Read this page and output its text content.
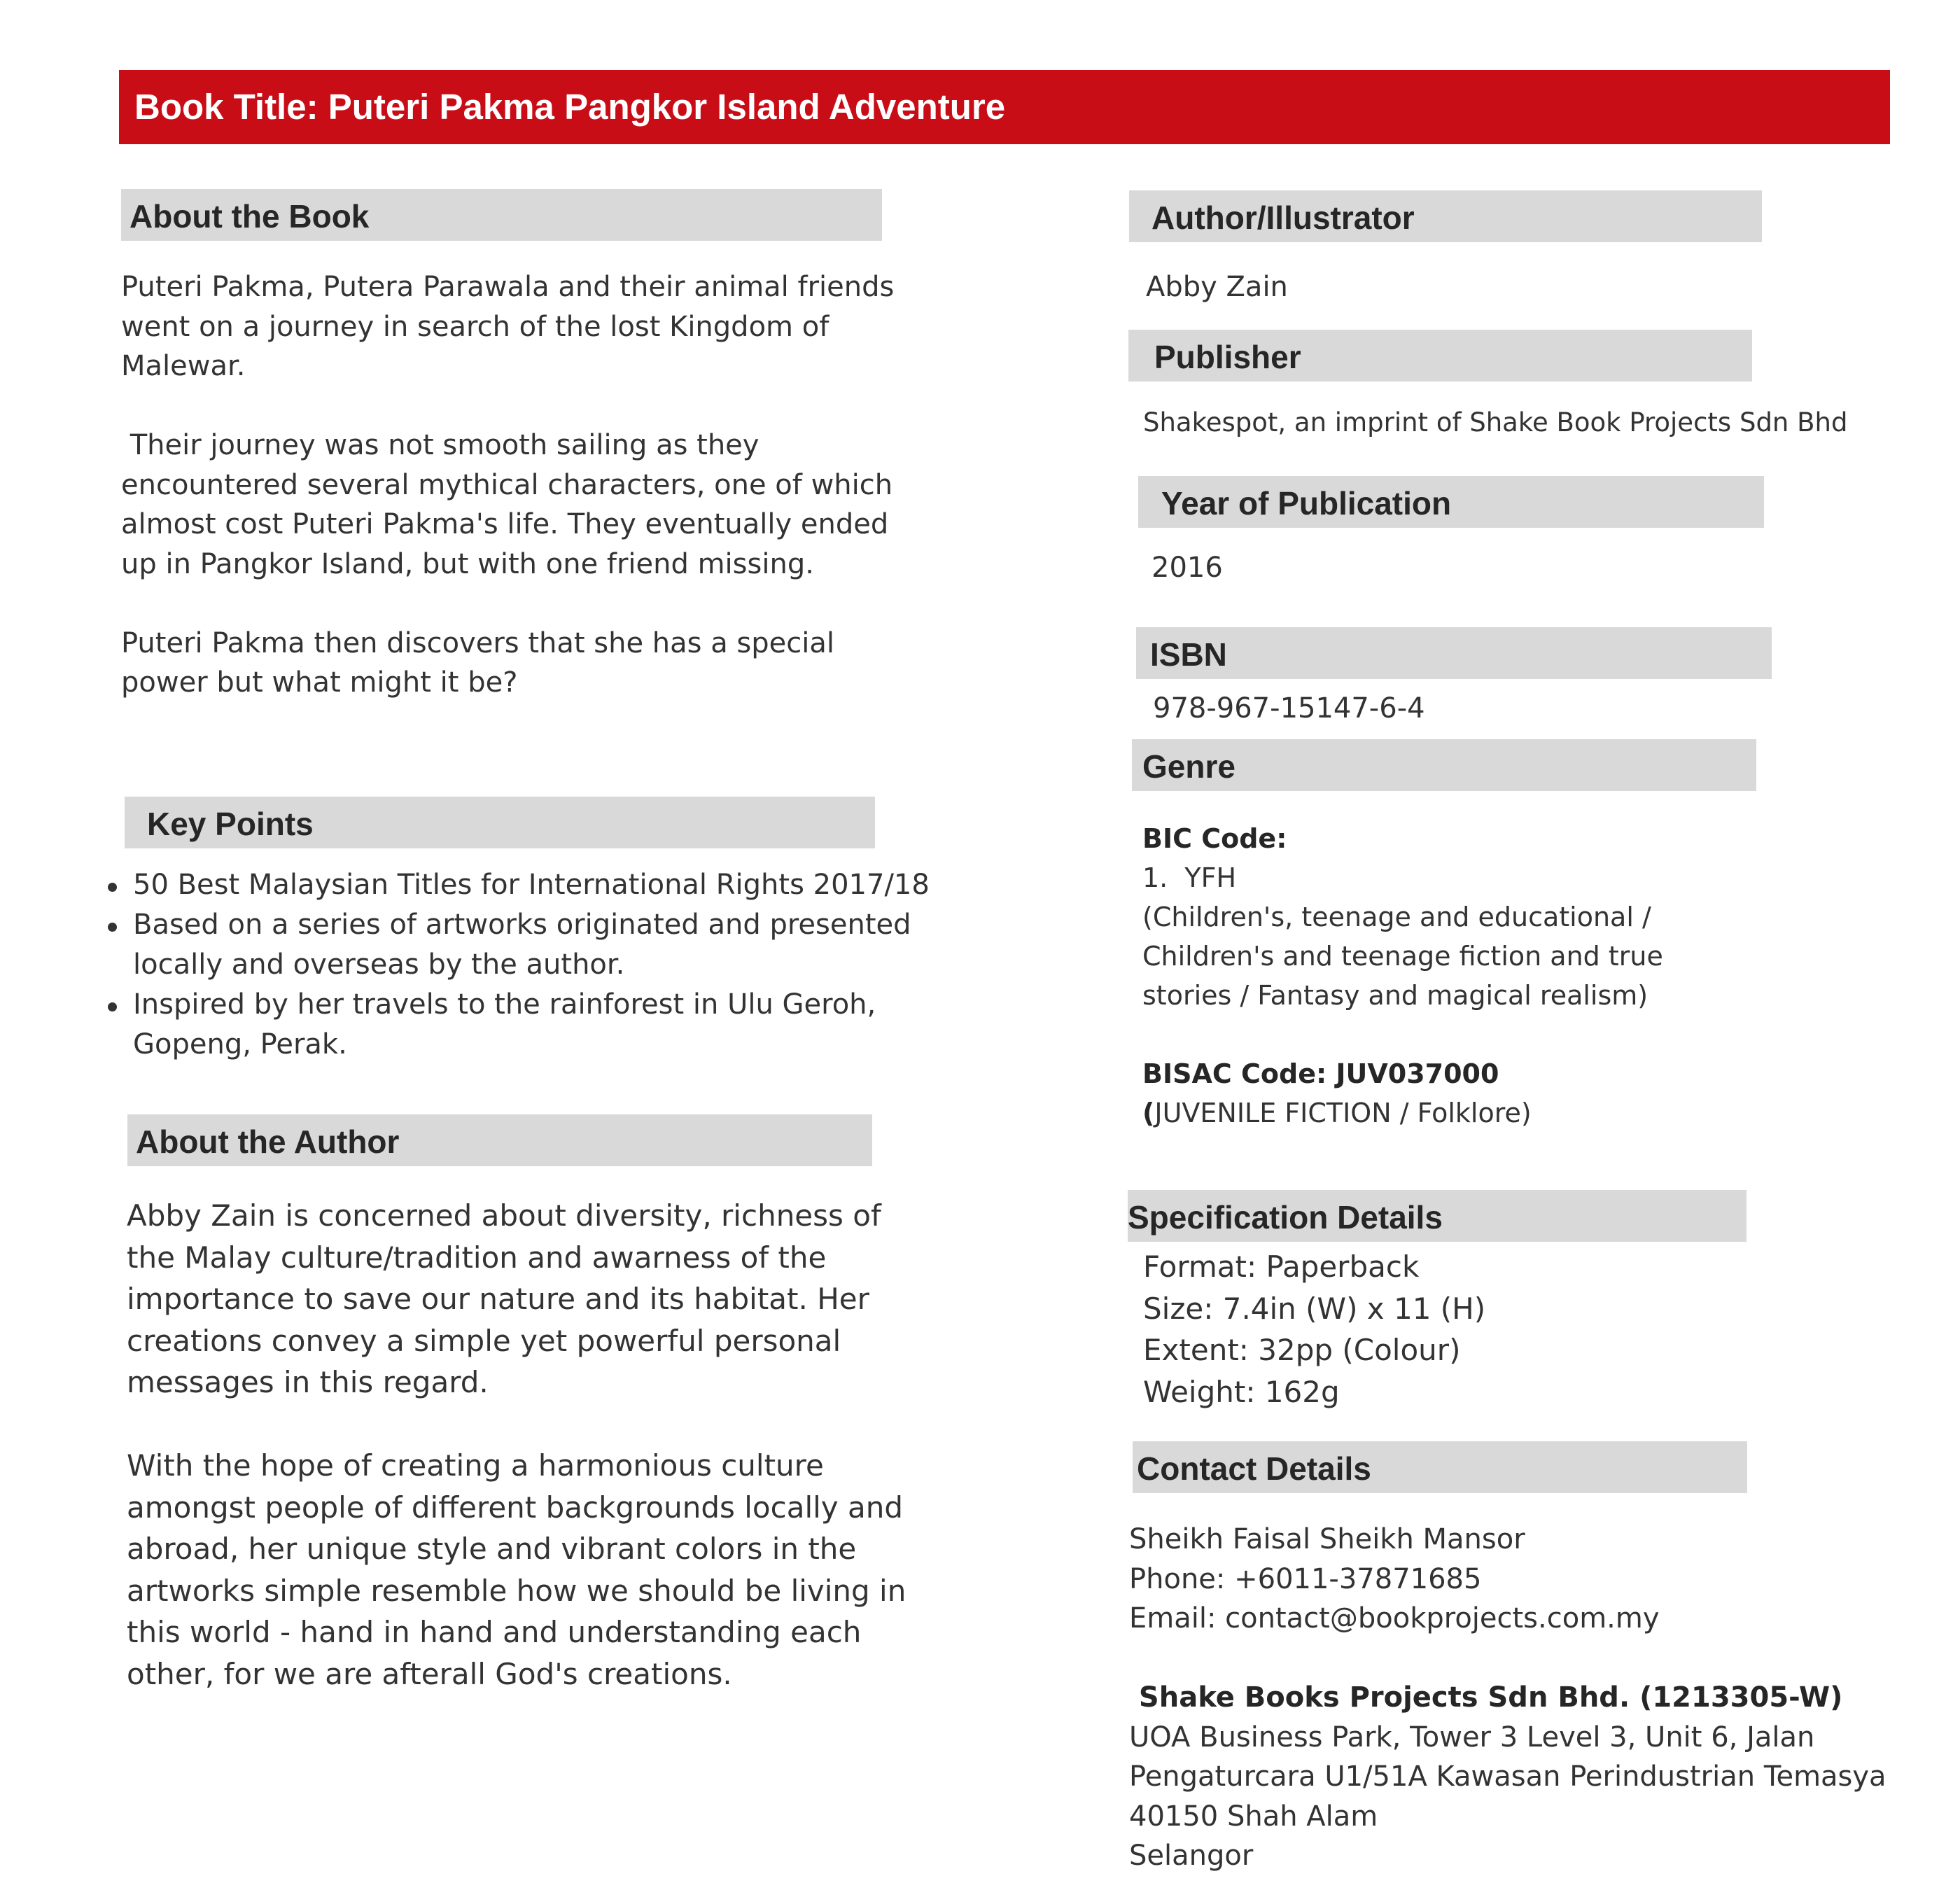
Book Title: Puteri Pakma Pangkor Island Adventure
About the Book
Puteri Pakma, Putera Parawala and their animal friends
went on a journey in search of the lost Kingdom of
Malewar.

Their journey was not smooth sailing as they
encountered several mythical characters, one of which
almost cost Puteri Pakma's life. They eventually ended
up in Pangkor Island, but with one friend missing.

Puteri Pakma then discovers that she has a special
power but what might it be?
Key Points
50 Best Malaysian Titles for International Rights 2017/18
Based on a series of artworks originated and presented
locally and overseas by the author.
Inspired by her travels to the rainforest in Ulu Geroh,
Gopeng, Perak.
About the Author
Abby Zain is concerned about diversity, richness of
the Malay culture/tradition and awarness of the
importance to save our nature and its habitat. Her
creations convey a simple yet powerful personal
messages in this regard.

With the hope of creating a harmonious culture
amongst people of different backgrounds locally and
abroad, her unique style and vibrant colors in the
artworks simple resemble how we should be living in
this world - hand in hand and understanding each
other, for we are afterall God's creations.
Author/Illustrator
Abby Zain
Publisher
Shakespot, an imprint of Shake Book Projects Sdn Bhd
Year of Publication
2016
ISBN
978-967-15147-6-4
Genre
BIC Code:
1.  YFH
(Children's, teenage and educational /
Children's and teenage fiction and true
stories / Fantasy and magical realism)

BISAC Code: JUV037000
(JUVENILE FICTION / Folklore)
Specification Details
Format: Paperback
Size: 7.4in (W) x 11 (H)
Extent: 32pp (Colour)
Weight: 162g
Contact Details
Sheikh Faisal Sheikh Mansor
Phone: +6011-37871685
Email: contact@bookprojects.com.my

Shake Books Projects Sdn Bhd. (1213305-W)
UOA Business Park, Tower 3 Level 3, Unit 6, Jalan
Pengaturcara U1/51A Kawasan Perindustrian Temasya
40150 Shah Alam
Selangor
